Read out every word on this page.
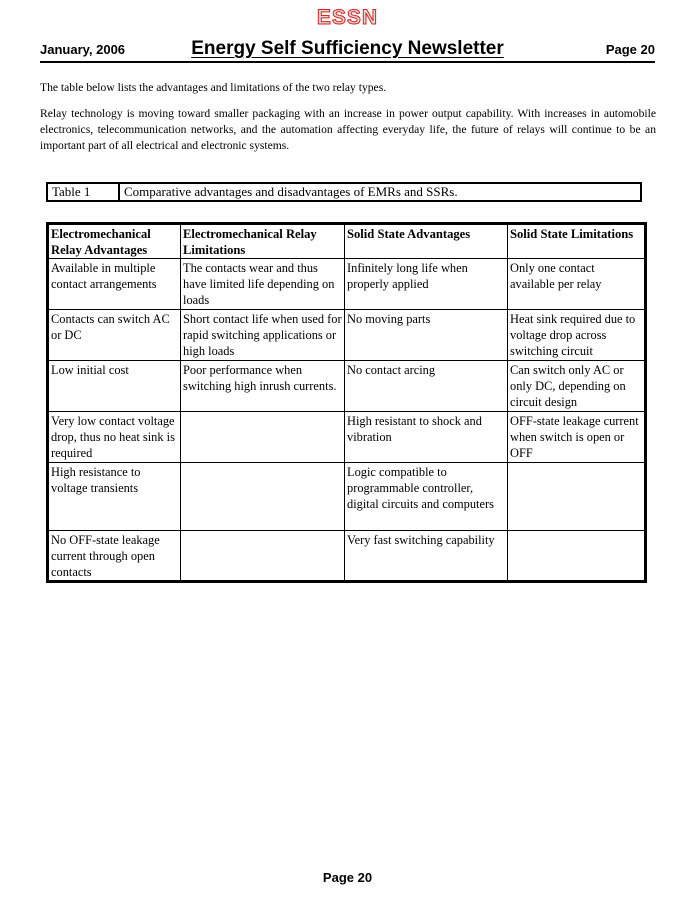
ESSN
January, 2006	Energy Self Sufficiency Newsletter	Page 20

The table below lists the advantages and limitations of the two relay types.

Relay technology is moving toward smaller packaging with an increase in power output capability. With increases in automobile electronics, telecommunication networks, and the automation affecting everyday life, the future of relays will continue to be an important part of all electrical and electronic systems.

Table 1	Comparative advantages and disadvantages of EMRs and SSRs.
Electromechanical Relay Advantages	Electromechanical Relay Limitations	Solid State Advantages	Solid State Limitations
Available in multiple contact arrangements	The contacts wear and thus have limited life depending on loads	Infinitely long life when properly applied	Only one contact available per relay
Contacts can switch AC or DC	Short contact life when used for rapid switching applications or high loads	No moving parts	Heat sink required due to voltage drop across switching circuit
Low initial cost	Poor performance when switching high inrush currents.	No contact arcing	Can switch only AC or only DC, depending on circuit design
Very low contact voltage drop, thus no heat sink is required		High resistant to shock and vibration	OFF-state leakage current when switch is open or OFF
High resistance to voltage transients		Logic compatible to programmable controller, digital circuits and computers	
No OFF-state leakage current through open contacts		Very fast switching capability	
Page 20
